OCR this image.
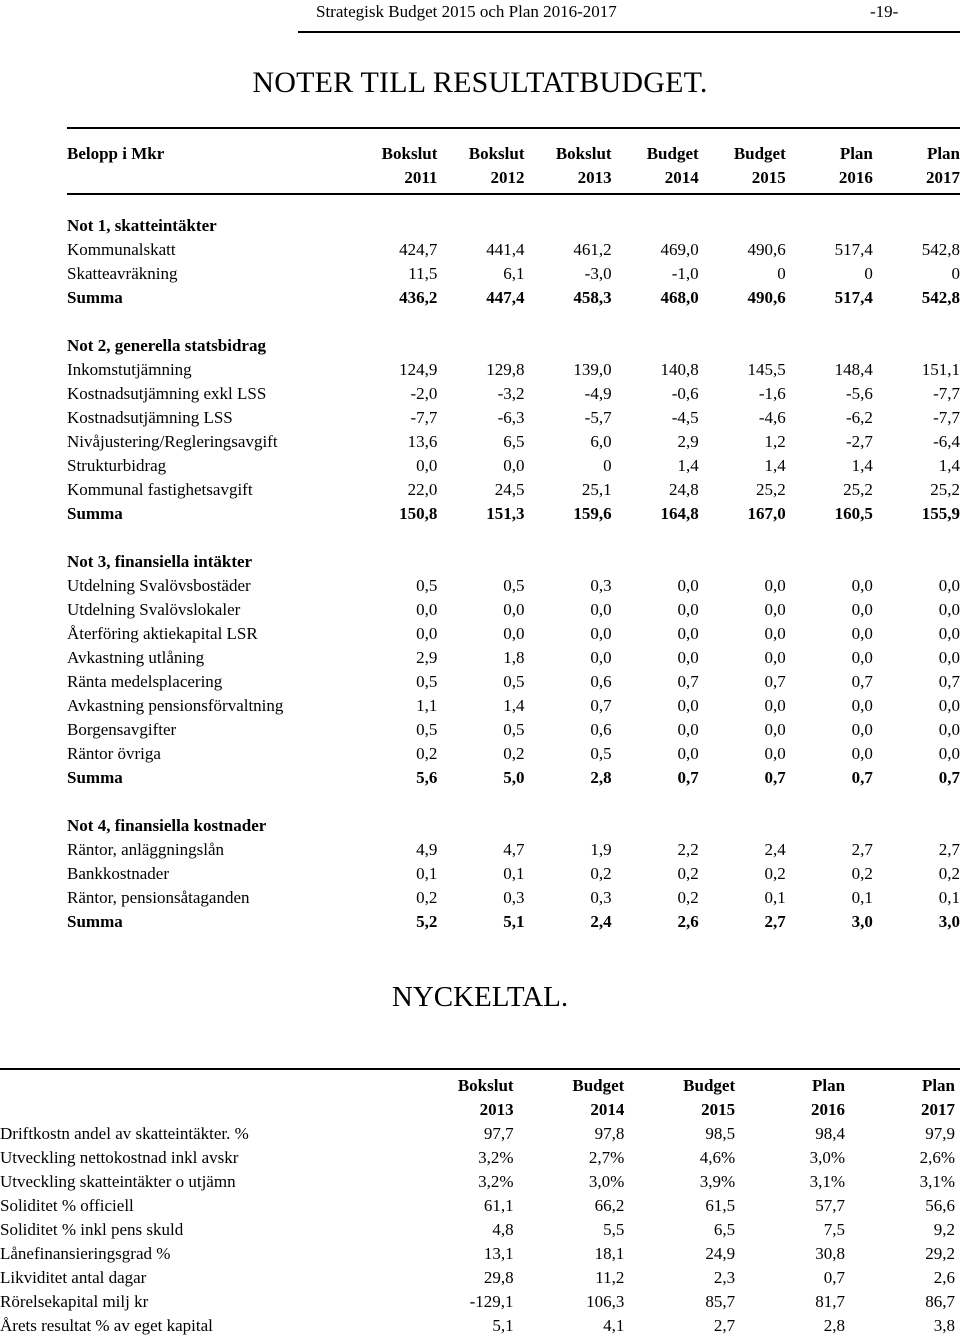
Strategisk Budget 2015 och Plan 2016-2017	-19-
NOTER TILL RESULTATBUDGET.
Belopp i Mkr	Bokslut	Bokslut	Bokslut	Budget	Budget	Plan	Plan
	2011	2012	2013	2014	2015	2016	2017

Not 1, skatteintäkter							
Kommunalskatt	424,7	441,4	461,2	469,0	490,6	517,4	542,8
Skatteavräkning	11,5	6,1	-3,0	-1,0	0	0	0
Summa	436,2	447,4	458,3	468,0	490,6	517,4	542,8

Not 2, generella statsbidrag							
Inkomstutjämning	124,9	129,8	139,0	140,8	145,5	148,4	151,1
Kostnadsutjämning exkl LSS	-2,0	-3,2	-4,9	-0,6	-1,6	-5,6	-7,7
Kostnadsutjämning LSS	-7,7	-6,3	-5,7	-4,5	-4,6	-6,2	-7,7
Nivåjustering/Regleringsavgift	13,6	6,5	6,0	2,9	1,2	-2,7	-6,4
Strukturbidrag	0,0	0,0	0	1,4	1,4	1,4	1,4
Kommunal fastighetsavgift	22,0	24,5	25,1	24,8	25,2	25,2	25,2
Summa	150,8	151,3	159,6	164,8	167,0	160,5	155,9

Not 3, finansiella intäkter							
Utdelning Svalövsbostäder	0,5	0,5	0,3	0,0	0,0	0,0	0,0
Utdelning Svalövslokaler	0,0	0,0	0,0	0,0	0,0	0,0	0,0
Återföring aktiekapital LSR	0,0	0,0	0,0	0,0	0,0	0,0	0,0
Avkastning utlåning	2,9	1,8	0,0	0,0	0,0	0,0	0,0
Ränta medelsplacering	0,5	0,5	0,6	0,7	0,7	0,7	0,7
Avkastning pensionsförvaltning	1,1	1,4	0,7	0,0	0,0	0,0	0,0
Borgensavgifter	0,5	0,5	0,6	0,0	0,0	0,0	0,0
Räntor övriga	0,2	0,2	0,5	0,0	0,0	0,0	0,0
Summa	5,6	5,0	2,8	0,7	0,7	0,7	0,7

Not 4, finansiella kostnader							
Räntor, anläggningslån	4,9	4,7	1,9	2,2	2,4	2,7	2,7
Bankkostnader	0,1	0,1	0,2	0,2	0,2	0,2	0,2
Räntor, pensionsåtaganden	0,2	0,3	0,3	0,2	0,1	0,1	0,1
Summa	5,2	5,1	2,4	2,6	2,7	3,0	3,0
NYCKELTAL.
	Bokslut	Budget	Budget	Plan	Plan
	2013	2014	2015	2016	2017
Driftkostn andel av skatteintäkter. %	97,7	97,8	98,5	98,4	97,9
Utveckling nettokostnad inkl avskr	3,2%	2,7%	4,6%	3,0%	2,6%
Utveckling skatteintäkter o utjämn	3,2%	3,0%	3,9%	3,1%	3,1%
Soliditet % officiell	61,1	66,2	61,5	57,7	56,6
Soliditet % inkl pens skuld	4,8	5,5	6,5	7,5	9,2
Lånefinansieringsgrad %	13,1	18,1	24,9	30,8	29,2
Likviditet antal dagar	29,8	11,2	2,3	0,7	2,6
Rörelsekapital milj kr	-129,1	106,3	85,7	81,7	86,7
Årets resultat % av eget kapital	5,1	4,1	2,7	2,8	3,8
